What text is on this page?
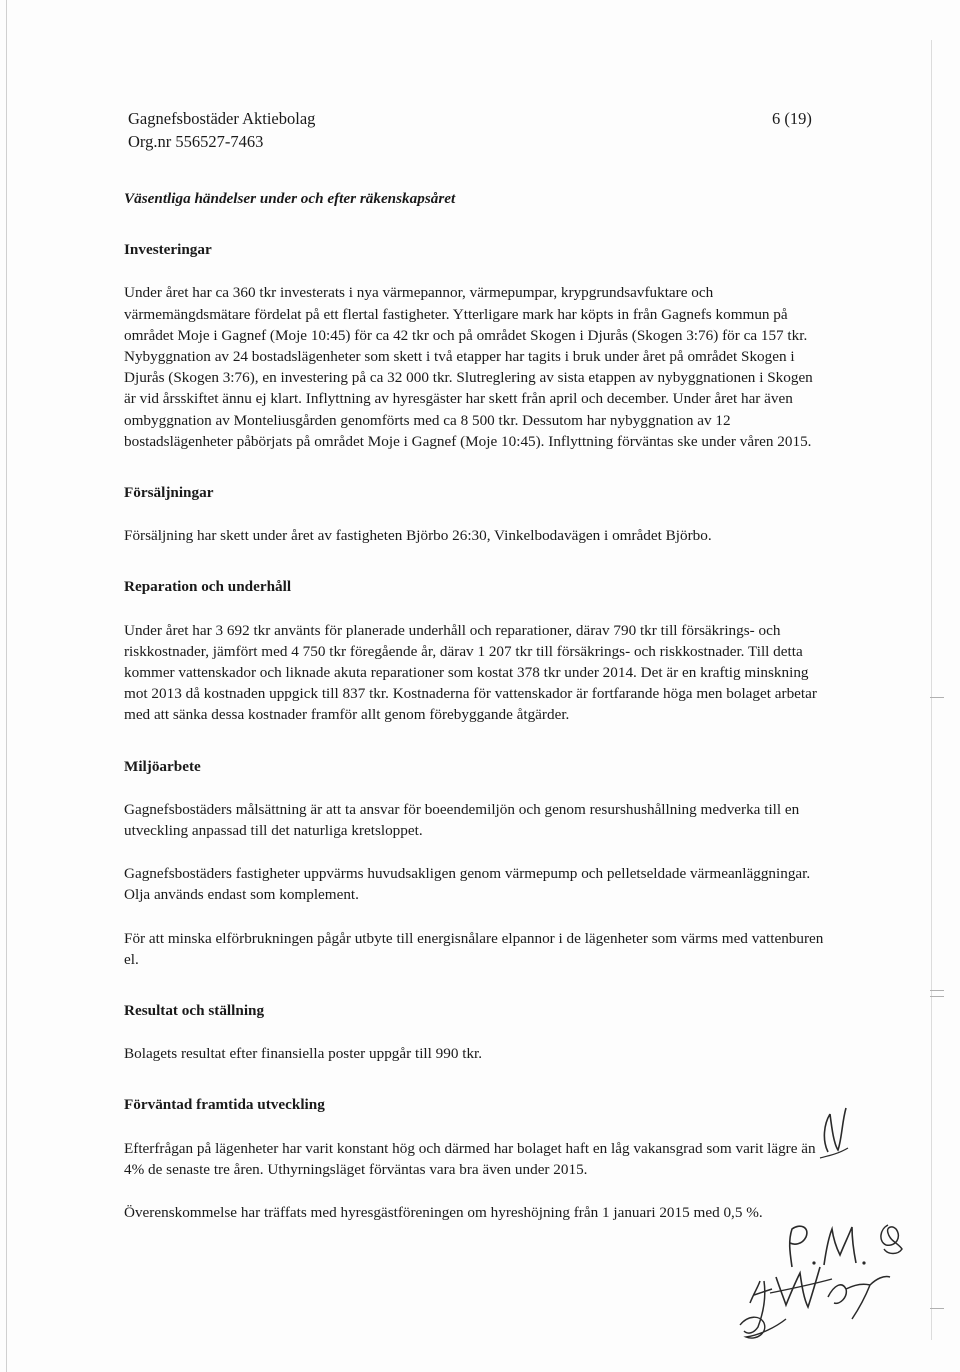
Gagnefsbostäder Aktiebolag
Org.nr 556527-7463
6 (19)

Väsentliga händelser under och efter räkenskapsåret

Investeringar

Under året har ca 360 tkr investerats i nya värmepannor, värmepumpar, krypgrundsavfuktare och värmemängdsmätare fördelat på ett flertal fastigheter. Ytterligare mark har köpts in från Gagnefs kommun på området Moje i Gagnef (Moje 10:45) för ca 42 tkr och på området Skogen i Djurås (Skogen 3:76) för ca 157 tkr. Nybyggnation av 24 bostadslägenheter som skett i två etapper har tagits i bruk under året på området Skogen i Djurås (Skogen 3:76), en investering på ca 32 000 tkr. Slutreglering av sista etappen av nybyggnationen i Skogen är vid årsskiftet ännu ej klart. Inflyttning av hyresgäster har skett från april och december. Under året har även ombyggnation av Monteliusgården genomförts med ca 8 500 tkr. Dessutom har nybyggnation av 12 bostadslägenheter påbörjats på området Moje i Gagnef (Moje 10:45). Inflyttning förväntas ske under våren 2015.

Försäljningar

Försäljning har skett under året av fastigheten Björbo 26:30, Vinkelbodavägen i området Björbo.

Reparation och underhåll

Under året har 3 692 tkr använts för planerade underhåll och reparationer, därav 790 tkr till försäkrings- och riskkostnader, jämfört med 4 750 tkr föregående år, därav 1 207 tkr till försäkrings- och riskkostnader. Till detta kommer vattenskador och liknade akuta reparationer som kostat 378 tkr under 2014. Det är en kraftig minskning mot 2013 då kostnaden uppgick till 837 tkr. Kostnaderna för vattenskador är fortfarande höga men bolaget arbetar med att sänka dessa kostnader framför allt genom förebyggande åtgärder.

Miljöarbete

Gagnefsbostäders målsättning är att ta ansvar för boeendemiljön och genom resurshushållning medverka till en utveckling anpassad till det naturliga kretsloppet.

Gagnefsbostäders fastigheter uppvärms huvudsakligen genom värmepump och pelletseldade värmeanläggningar. Olja används endast som komplement.

För att minska elförbrukningen pågår utbyte till energisnålare elpannor i de lägenheter som värms med vattenburen el.

Resultat och ställning

Bolagets resultat efter finansiella poster uppgår till 990 tkr.

Förväntad framtida utveckling

Efterfrågan på lägenheter har varit konstant hög och därmed har bolaget haft en låg vakansgrad som varit lägre än 4% de senaste tre åren. Uthyrningsläget förväntas vara bra även under 2015.

Överenskommelse har träffats med hyresgästföreningen om hyreshöjning från 1 januari 2015 med 0,5 %.
